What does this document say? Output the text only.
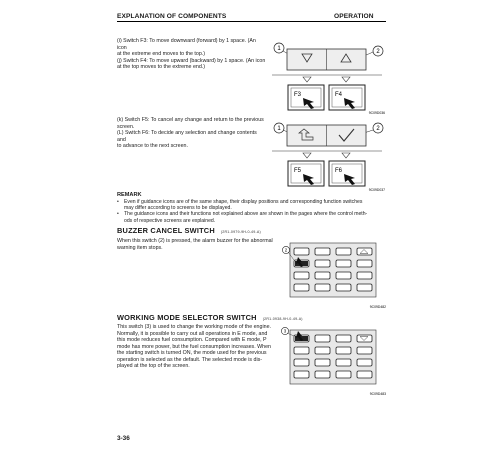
EXPLANATION OF COMPONENTS	OPERATION
(i) Switch F3: To move downward (forward) by 1 space. (An icon
at the extreme end moves to the top.)
(j) Switch F4: To move upward (backward) by 1 space. (An icon
at the top moves to the extreme end.)
1	2
F3	F4
9C09D036
(k) Switch F5: To cancel any change and return to the previous
screen.
(L) Switch F6: To decide any selection and change contents and
to advance to the next screen.
1	2
F5	F6
9C09D037
REMARK
• Even if guidance icons are of the same shape, their display positions and corresponding function switches
may differ according to screens to be displayed.
• The guidance icons and their functions not explained above are shown in the pages where the control meth-
ods of respective screens are explained.
BUZZER CANCEL SWITCH (2R1-0979-9H-0-49-A)
When this switch (2) is pressed, the alarm buzzer for the abnormal
warning item stops.	2
9C09D482
WORKING MODE SELECTOR SWITCH (2R1-0938-9H-0-49-A)
This switch (3) is used to change the working mode of the engine.
Normally, it is possible to carry out all operations in E mode, and
this mode reduces fuel consumption. Compared with E mode, P
mode has more power, but the fuel consumption increases. When
the starting switch is turned ON, the mode used for the previous
operation is selected as the default. The selected mode is dis-
played at the top of the screen.
3
9C09D483
3-36
